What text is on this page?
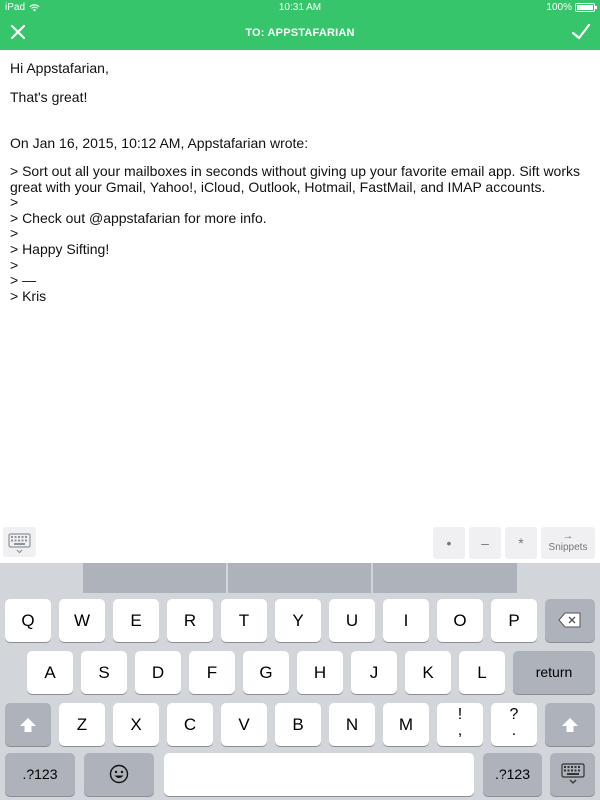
iPad	10:31 AM	100%
TO: APPSTAFARIAN

Hi Appstafarian,

That's great!

On Jan 16, 2015, 10:12 AM, Appstafarian wrote:

> Sort out all your mailboxes in seconds without giving up your favorite email app. Sift works

great with your Gmail, Yahoo!, iCloud, Outlook, Hotmail, FastMail, and IMAP accounts.

>

> Check out @appstafarian for more info.

>

> Happy Sifting!

>

> —

> Kris

•	–	*	→
Snippets
Q	W	E	R	T	Y	U	I	O	P
A	S	D	F	G	H	J	K	L	return
Z	X	C	V	B	N	M
!
,
?
.
.?123	.?123
